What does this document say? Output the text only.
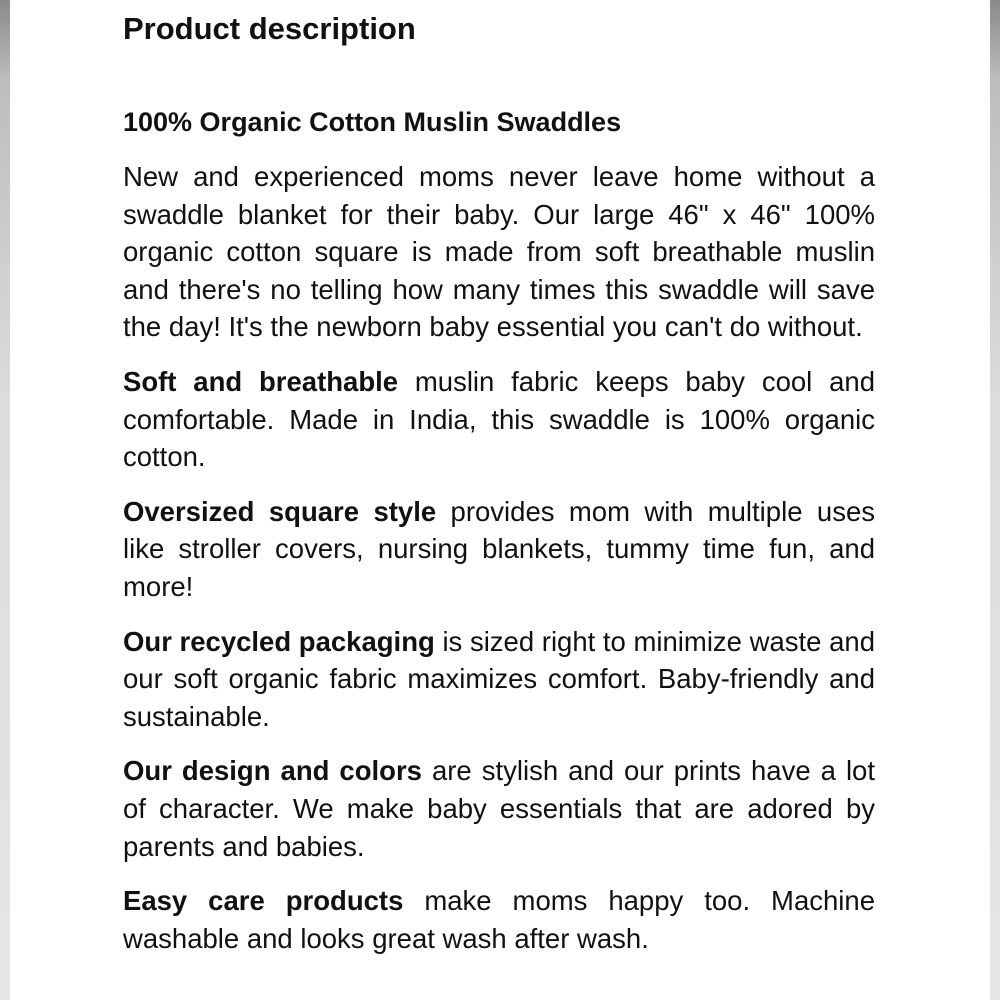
Product description
100% Organic Cotton Muslin Swaddles

New and experienced moms never leave home without a swaddle blanket for their baby. Our large 46" x 46" 100% organic cotton square is made from soft breathable muslin and there's no telling how many times this swaddle will save the day! It's the newborn baby essential you can't do without.

Soft and breathable muslin fabric keeps baby cool and comfortable. Made in India, this swaddle is 100% organic cotton.

Oversized square style provides mom with multiple uses like stroller covers, nursing blankets, tummy time fun, and more!

Our recycled packaging is sized right to minimize waste and our soft organic fabric maximizes comfort. Baby-friendly and sustainable.

Our design and colors are stylish and our prints have a lot of character. We make baby essentials that are adored by parents and babies.

Easy care products make moms happy too. Machine washable and looks great wash after wash.
